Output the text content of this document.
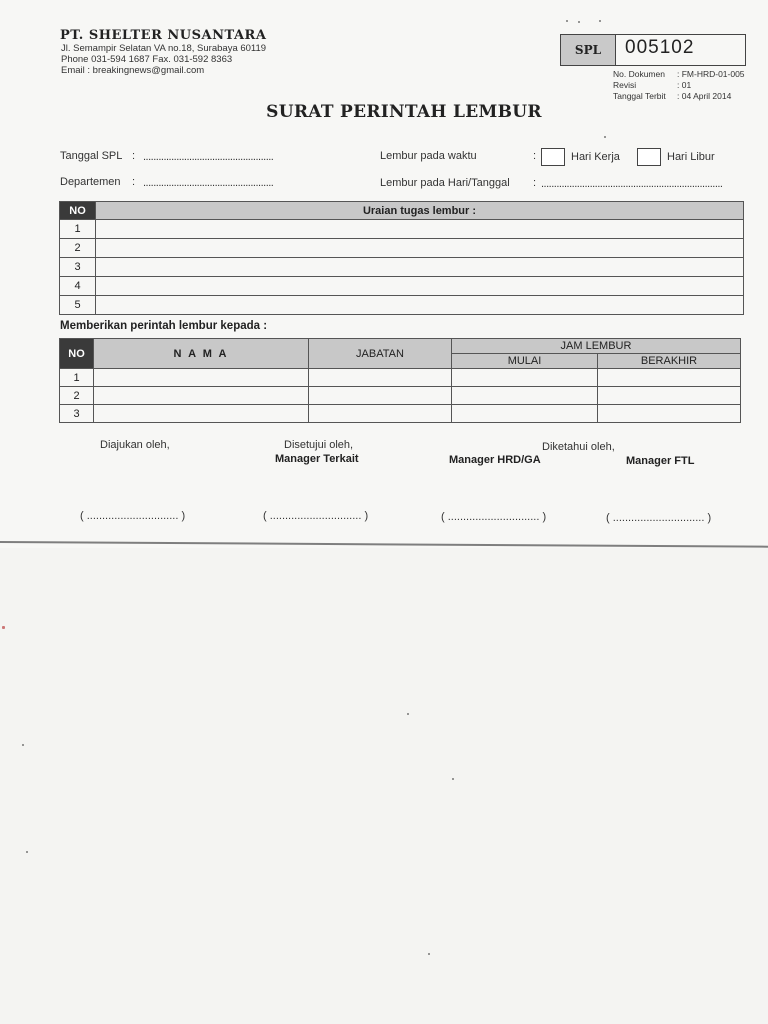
PT. SHELTER NUSANTARA
Jl. Semampir Selatan VA no.18, Surabaya 60119
Phone 031-594 1687 Fax. 031-592 8363
Email : breakingnews@gmail.com
SPL	005102
No. Dokumen : FM-HRD-01-005
Revisi	: 01
Tanggal Terbit : 04 April 2014
SURAT PERINTAH LEMBUR
Tanggal SPL : ...................................................
Departemen : ...................................................
Lembur pada waktu	:	Hari Kerja	Hari Libur
Lembur pada Hari/Tanggal : .......................................................................
NO	Uraian tugas lembur :
1	
2	
3	
4	
5	
Memberikan perintah lembur kepada :
NO	N A M A	JABATAN	JAM LEMBUR	
			MULAI	BERAKHIR
1				
2				
3				
Diajukan oleh,	Disetujui oleh,
Manager Terkait
Diketahui oleh,
Manager HRD/GA	Manager FTL
( .............................. )	( .............................. )	( .............................. )	( .............................. )
